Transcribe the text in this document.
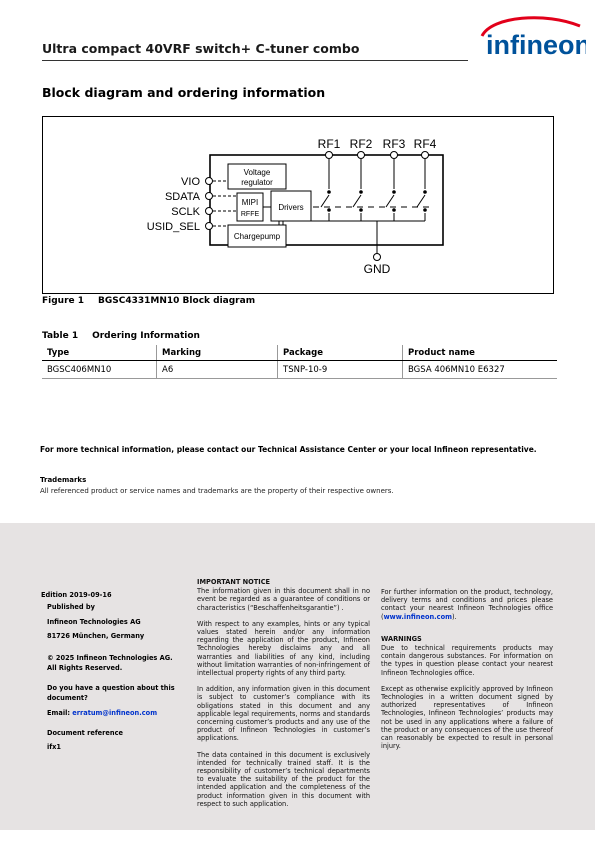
Ultra compact 40VRF switch+ C-tuner combo	infineon
Block diagram and ordering information
RF1 RF2 RF3 RF4
GND
Voltage
regulator
MIPI
RFFE
Drivers
Chargepump
VIO
SDATA
SCLK
USID_SEL
Figure 1 BGSC4331MN10 Block diagram
Table 1 Ordering Information
Type	Marking	Package	Product name
BGSC406MN10	A6	TSNP-10-9	BGSA 406MN10 E6327
For more technical information, please contact our Technical Assistance Center or your local Infineon representative.
Trademarks
All referenced product or service names and trademarks are the property of their respective owners.
Edition 2019-09-16
Published by
Infineon Technologies AG
81726 München, Germany
© 2025 Infineon Technologies AG.
All Rights Reserved.
Do you have a question about this
document?
Email: erratum@infineon.com
Document reference
ifx1
IMPORTANT NOTICE

The information given in this document shall in no event be regarded as a guarantee of conditions or characteristics (“Beschaffenheitsgarantie”) .

With respect to any examples, hints or any typical values stated herein and/or any information regarding the application of the product, Infineon Technologies hereby disclaims any and all warranties and liabilities of any kind, including without limitation warranties of non-infringement of intellectual property rights of any third party.

In addition, any information given in this document is subject to customer’s compliance with its obligations stated in this document and any applicable legal requirements, norms and standards concerning customer’s products and any use of the product of Infineon Technologies in customer’s applications.

The data contained in this document is exclusively intended for technically trained staff. It is the responsibility of customer’s technical departments to evaluate the suitability of the product for the intended application and the completeness of the product information given in this document with respect to such application.

For further information on the product, technology, delivery terms and conditions and prices please contact your nearest Infineon Technologies office (www.infineon.com).

WARNINGS

Due to technical requirements products may contain dangerous substances. For information on the types in question please contact your nearest Infineon Technologies office.

Except as otherwise explicitly approved by Infineon Technologies in a written document signed by authorized representatives of Infineon Technologies, Infineon Technologies’ products may not be used in any applications where a failure of the product or any consequences of the use thereof can reasonably be expected to result in personal injury.
